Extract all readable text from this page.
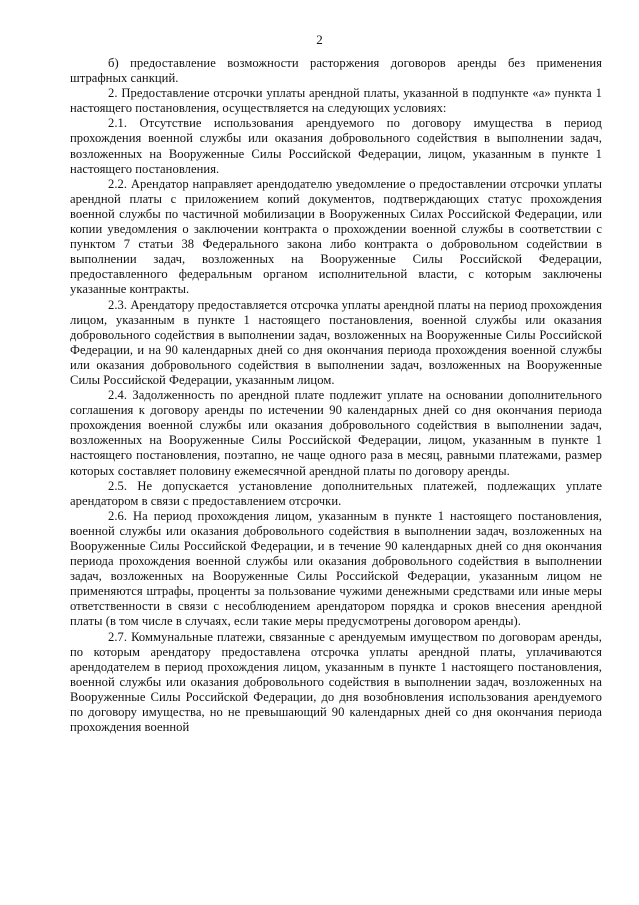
2

б) предоставление возможности расторжения договоров аренды без применения штрафных санкций.

2. Предоставление отсрочки уплаты арендной платы, указанной в подпункте «а» пункта 1 настоящего постановления, осуществляется на следующих условиях:

2.1. Отсутствие использования арендуемого по договору имущества в период прохождения военной службы или оказания добровольного содействия в выполнении задач, возложенных на Вооруженные Силы Российской Федерации, лицом, указанным в пункте 1 настоящего постановления.

2.2. Арендатор направляет арендодателю уведомление о предоставлении отсрочки уплаты арендной платы с приложением копий документов, подтверждающих статус прохождения военной службы по частичной мобилизации в Вооруженных Силах Российской Федерации, или копии уведомления о заключении контракта о прохождении военной службы в соответствии с пунктом 7 статьи 38 Федерального закона либо контракта о добровольном содействии в выполнении задач, возложенных на Вооруженные Силы Российской Федерации, предоставленного федеральным органом исполнительной власти, с которым заключены указанные контракты.

2.3. Арендатору предоставляется отсрочка уплаты арендной платы на период прохождения лицом, указанным в пункте 1 настоящего постановления, военной службы или оказания добровольного содействия в выполнении задач, возложенных на Вооруженные Силы Российской Федерации, и на 90 календарных дней со дня окончания периода прохождения военной службы или оказания добровольного содействия в выполнении задач, возложенных на Вооруженные Силы Российской Федерации, указанным лицом.

2.4. Задолженность по арендной плате подлежит уплате на основании дополнительного соглашения к договору аренды по истечении 90 календарных дней со дня окончания периода прохождения военной службы или оказания добровольного содействия в выполнении задач, возложенных на Вооруженные Силы Российской Федерации, лицом, указанным в пункте 1 настоящего постановления, поэтапно, не чаще одного раза в месяц, равными платежами, размер которых составляет половину ежемесячной арендной платы по договору аренды.

2.5. Не допускается установление дополнительных платежей, подлежащих уплате арендатором в связи с предоставлением отсрочки.

2.6. На период прохождения лицом, указанным в пункте 1 настоящего постановления, военной службы или оказания добровольного содействия в выполнении задач, возложенных на Вооруженные Силы Российской Федерации, и в течение 90 календарных дней со дня окончания периода прохождения военной службы или оказания добровольного содействия в выполнении задач, возложенных на Вооруженные Силы Российской Федерации, указанным лицом не применяются штрафы, проценты за пользование чужими денежными средствами или иные меры ответственности в связи с несоблюдением арендатором порядка и сроков внесения арендной платы (в том числе в случаях, если такие меры предусмотрены договором аренды).

2.7. Коммунальные платежи, связанные с арендуемым имуществом по договорам аренды, по которым арендатору предоставлена отсрочка уплаты арендной платы, уплачиваются арендодателем в период прохождения лицом, указанным в пункте 1 настоящего постановления, военной службы или оказания добровольного содействия в выполнении задач, возложенных на Вооруженные Силы Российской Федерации, до дня возобновления использования арендуемого по договору имущества, но не превышающий 90 календарных дней со дня окончания периода прохождения военной
